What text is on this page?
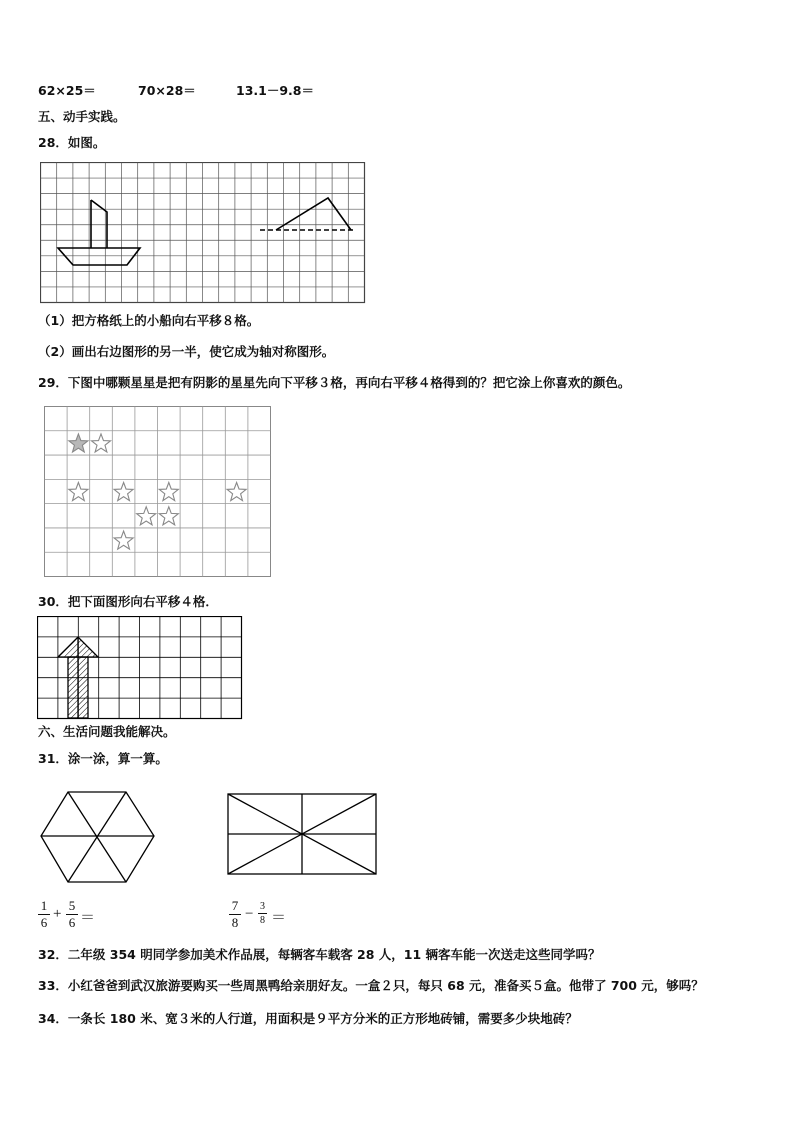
62×25＝	70×28＝	13.1－9.8＝
五、动手实践。
28．如图。
（1）把方格纸上的小船向右平移８格。
（2）画出右边图形的另一半，使它成为轴对称图形。
29．下图中哪颗星星是把有阴影的星星先向下平移３格，再向右平移４格得到的？把它涂上你喜欢的颜色。
30．把下面图形向右平移４格．
六、生活问题我能解决。
31．涂一涂，算一算。
1
6
+
5
6 ＝
7
8
− 3
8 ＝
32．二年级 354 明同学参加美术作品展，每辆客车载客 28 人，11 辆客车能一次送走这些同学吗？
33．小红爸爸到武汉旅游要购买一些周黑鸭给亲朋好友。一盒２只，每只 68 元，准备买５盒。他带了 700 元，够吗？
34．一条长 180 米、宽３米的人行道，用面积是９平方分米的正方形地砖铺，需要多少块地砖？
